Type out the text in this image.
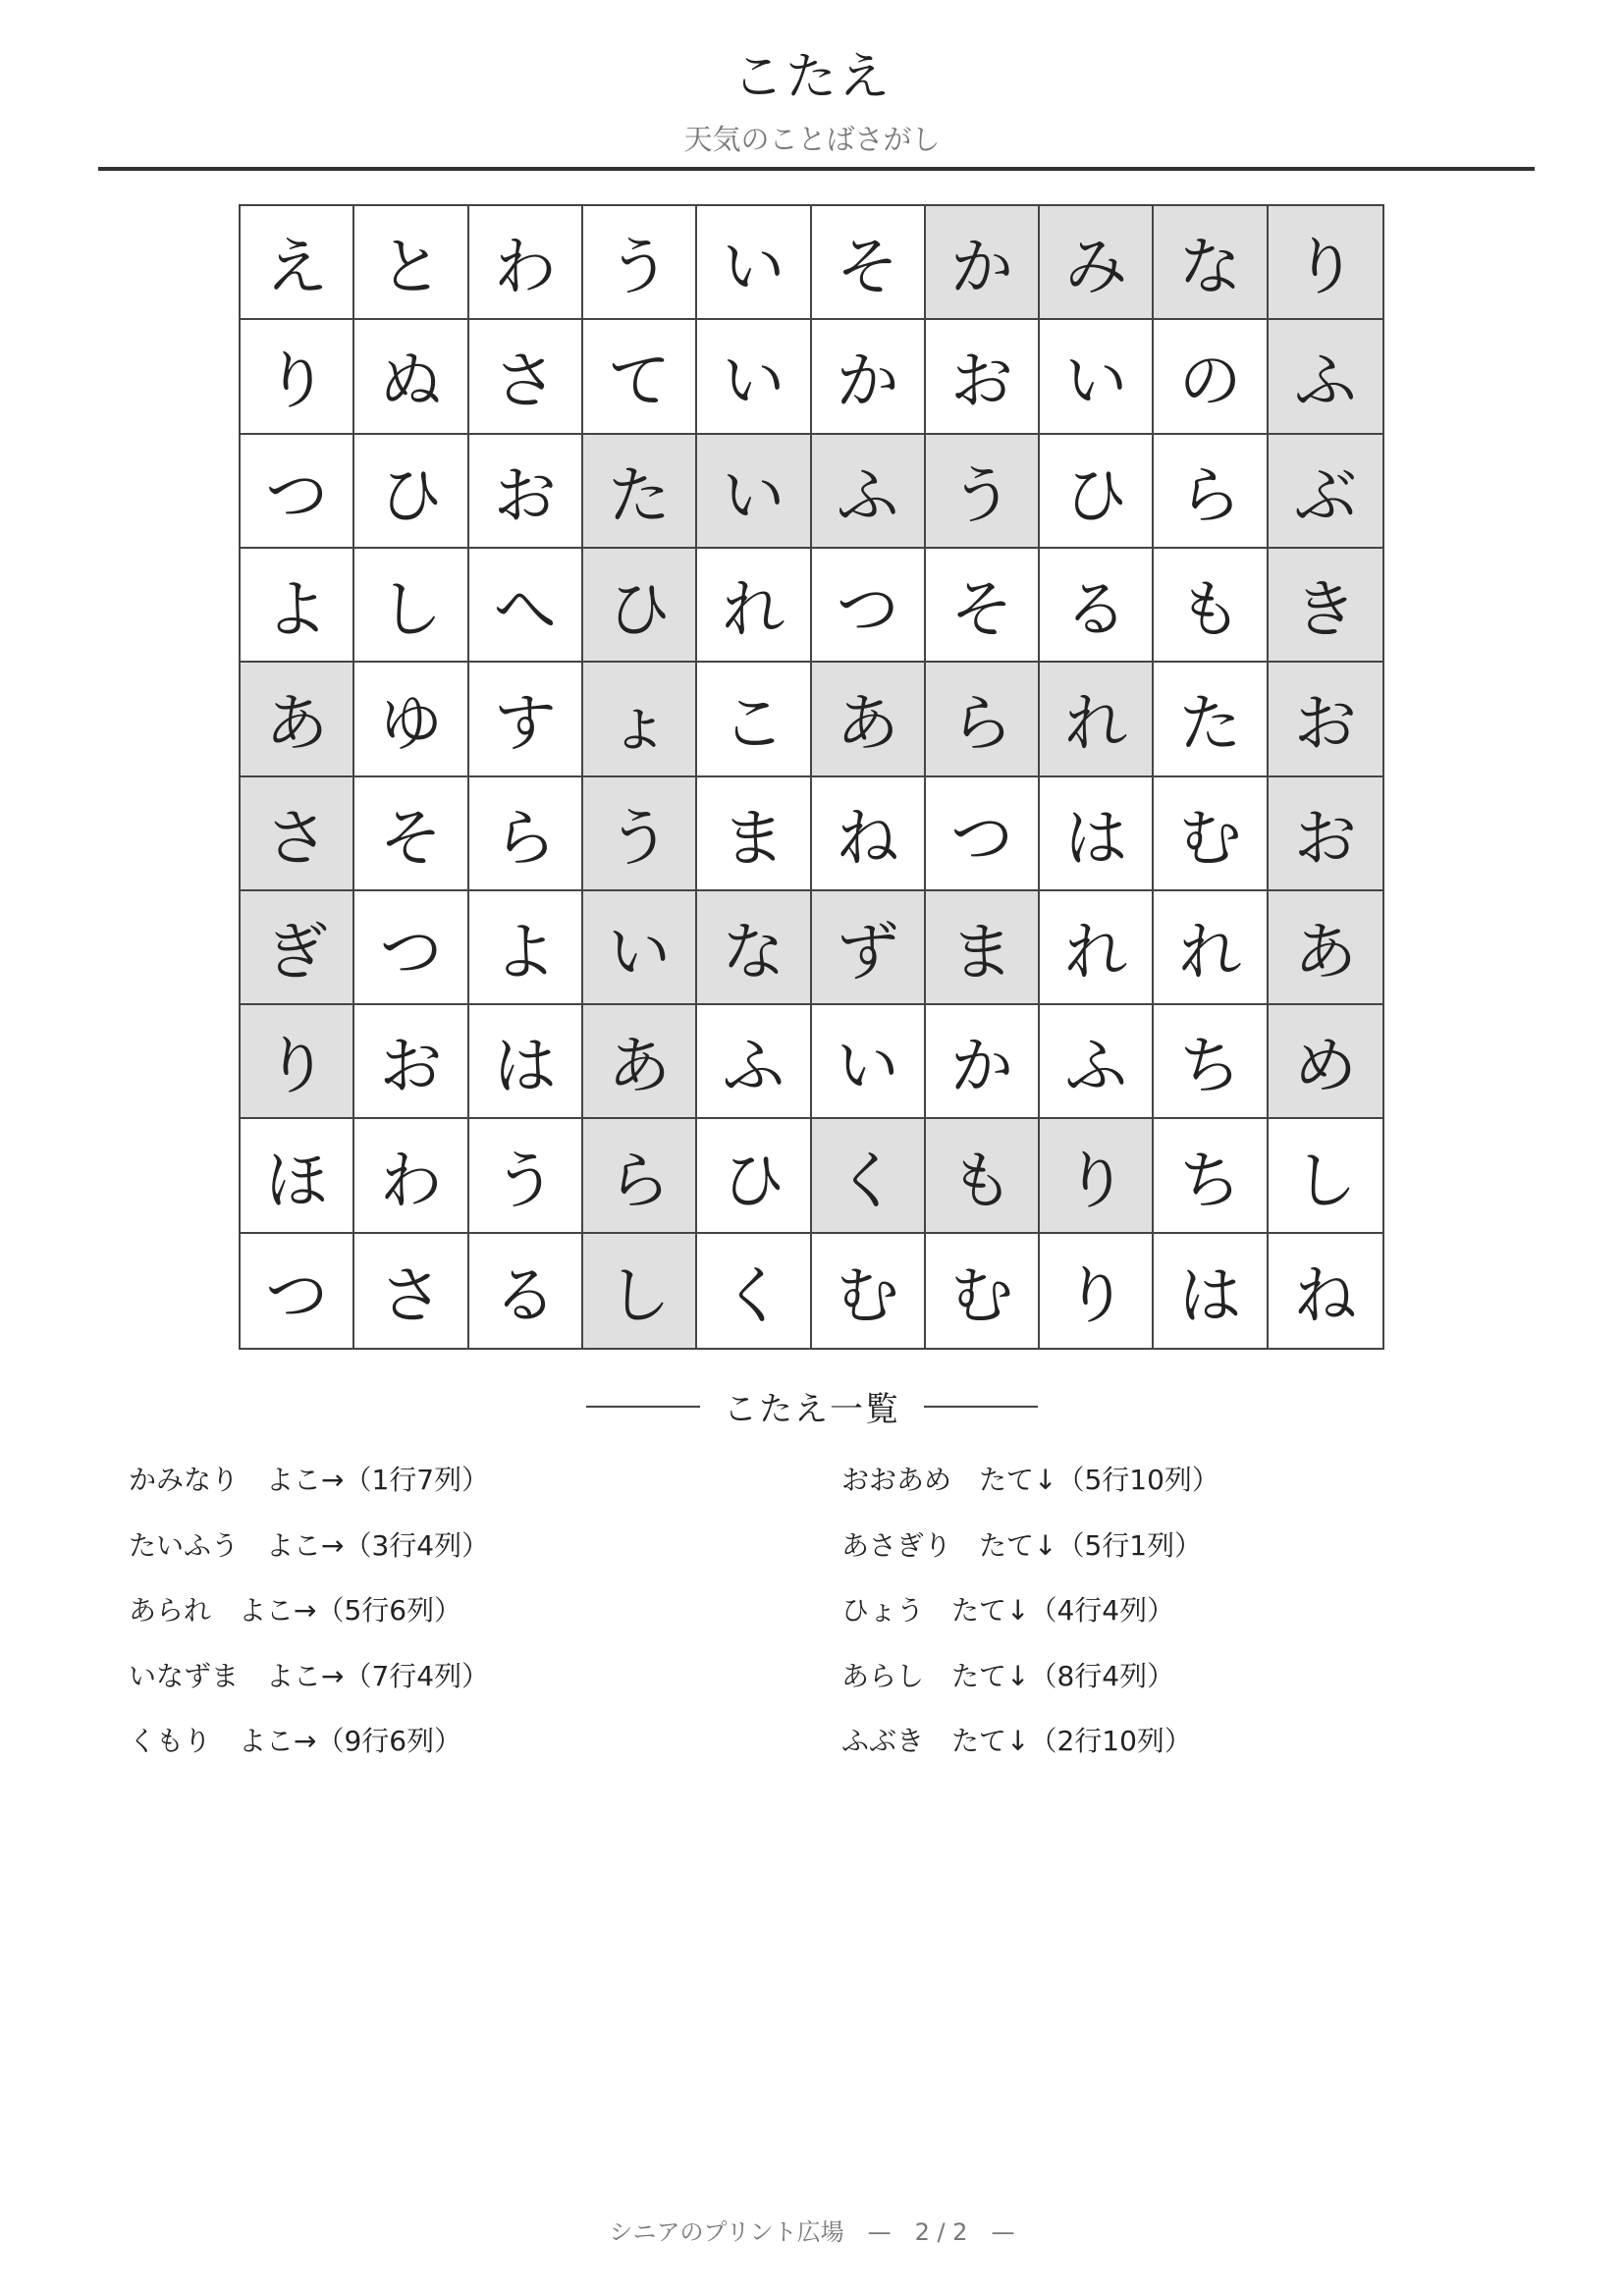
こたえ
天気のことばさがし
え と わ う い そ か み な り
り ぬ さ て い か お い の ふ
つ ひ お た い ふ う ひ ら ぶ
よ し へ ひ れ つ そ る も き
あ ゆ す ょ こ あ ら れ た お
さ そ ら う ま ね つ は む お
ぎ つ よ い な ず ま れ れ あ
り お は あ ふ い か ふ ち め
ほ わ う ら ひ く も り ち し
つ さ る し く む む り は ね
こたえ一覧
かみなり　よこ→（1行7列）
たいふう　よこ→（3行4列）
あられ　よこ→（5行6列）
いなずま　よこ→（7行4列）
くもり　よこ→（9行6列）
おおあめ　たて↓（5行10列）
あさぎり　たて↓（5行1列）
ひょう　たて↓（4行4列）
あらし　たて↓（8行4列）
ふぶき　たて↓（2行10列）
シニアのプリント広場　—　2 / 2　—
